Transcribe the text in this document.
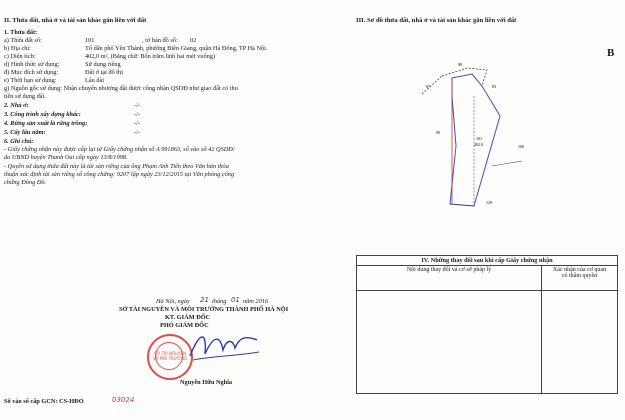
II. Thửa đất, nhà ở và tài sản khác gắn liền với đất
1. Thửa đất:
a) Thửa đất số:	101	, tờ bản đồ số: 02
b) Địa chỉ:	Tổ dân phố Yên Thành, phường Biên Giang, quận Hà Đông, TP Hà Nội.
c) Diện tích:	402,0 m², (Bằng chữ: Bốn trăm linh hai mét vuông)
d) Hình thức sử dụng:	Sử dụng riêng
đ) Mục đích sử dụng:	Đất ở tại đô thị
e) Thời hạn sử dụng:	Lâu dài
g) Nguồn gốc sử dụng: Nhận chuyển nhượng đất được công nhận QSDĐ như giao đất có thu
tiền sử dụng đất.
2. Nhà ở:	-/-
3. Công trình xây dựng khác:	-/-
4. Rừng sản xuất là rừng trồng:	-/-
5. Cây lâu năm:	-/-
6. Ghi chú:
- Giấy chứng nhận này được cấp lại từ Giấy chứng nhận số A 991863, sổ vào sổ 42 QSDĐ/
do UBND huyện Thanh Oai cấp ngày 13/8/1998.
- Quyền sử dụng thửa đất này là tài sản riêng của ông Phạm Anh Tiến theo Văn bản thỏa
thuận xác định tài sản riêng số công chứng: 9207 lập ngày 23/12/2015 tại Văn phòng công
chứng Đông Đô.
Hà Nội, ngày 21 tháng 01 năm 2016
SỞ TÀI NGUYÊN VÀ MÔI TRƯỜNG THÀNH PHỐ HÀ NỘI
KT. GIÁM ĐỐC
PHÓ GIÁM ĐỐC
SỞ TÀI NGUYÊN VÀ MÔI TRƯỜNG
Nguyễn Hữu Nghĩa
Số vào sổ cấp GCN: CS-HĐO	03024
III. Sơ đồ thửa đất, nhà ở và tài sản khác gắn liền với đất
B
98
67	83
90
101
402.0	106
129
IV. Những thay đổi sau khi cấp Giấy chứng nhận	
Nội dung thay đổi và cơ sở pháp lý	Xác nhận của cơ quan
có thẩm quyền
